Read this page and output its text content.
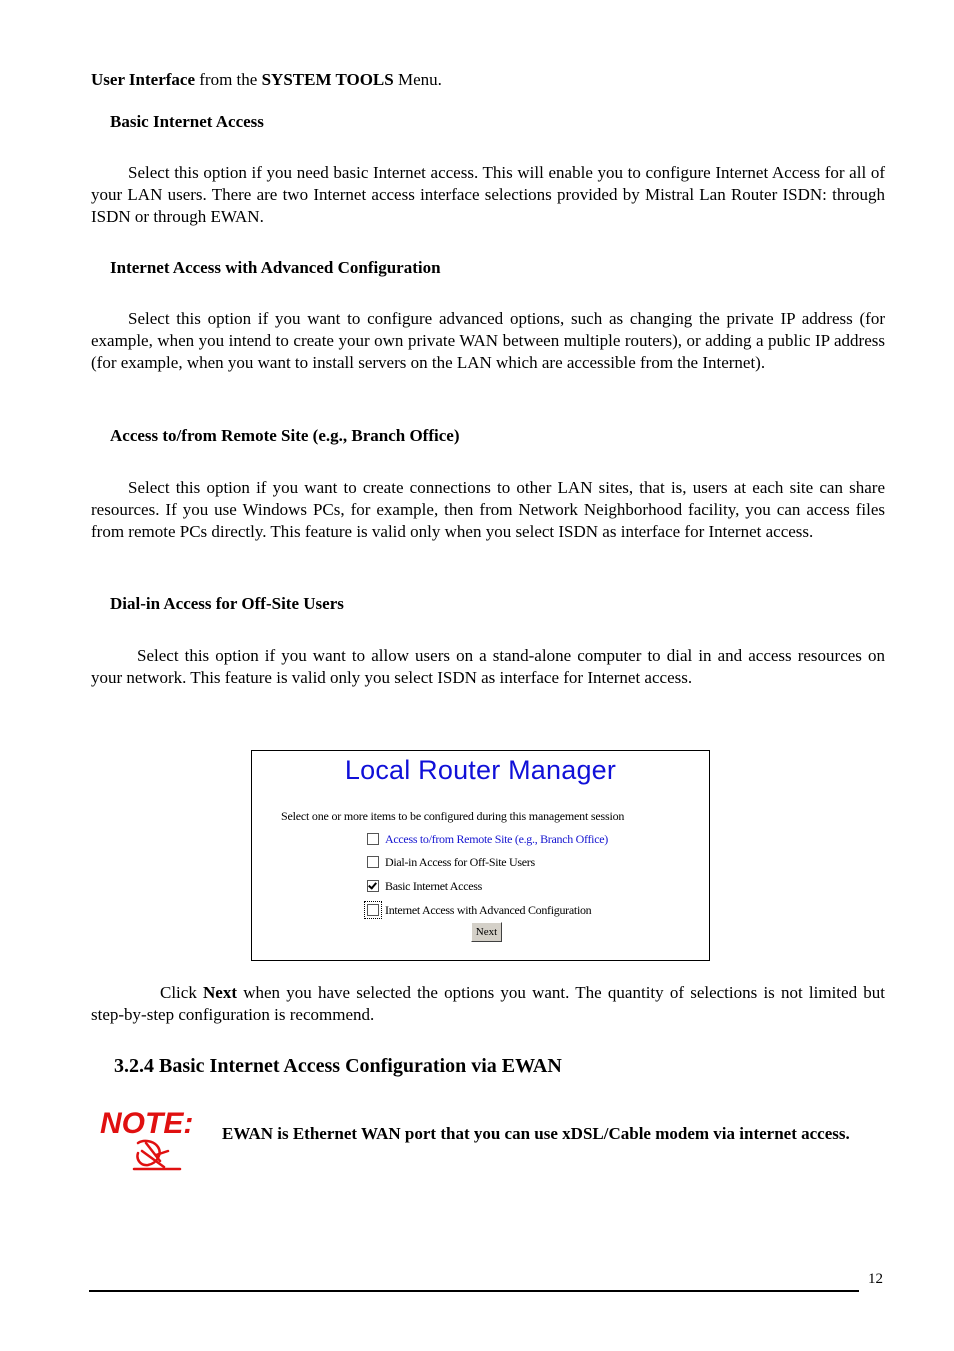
User Interface from the SYSTEM TOOLS Menu.
Basic Internet Access

Select this option if you need basic Internet access. This will enable you to configure Internet Access for all of your LAN users. There are two Internet access interface selections provided by Mistral Lan Router ISDN: through ISDN or through EWAN.

Internet Access with Advanced Configuration

Select this option if you want to configure advanced options, such as changing the private IP address (for example, when you intend to create your own private WAN between multiple routers), or adding a public IP address (for example, when you want to install servers on the LAN which are accessible from the Internet).

Access to/from Remote Site (e.g., Branch Office)

Select this option if you want to create connections to other LAN sites, that is, users at each site can share resources. If you use Windows PCs, for example, then from Network Neighborhood facility, you can access files from remote PCs directly. This feature is valid only when you select ISDN as interface for Internet access.

Dial-in Access for Off-Site Users

Select this option if you want to allow users on a stand-alone computer to dial in and access resources on your network. This feature is valid only you select ISDN as interface for Internet access.

Local Router Manager
Select one or more items to be configured during this management session
Access to/from Remote Site (e.g., Branch Office)
Dial-in Access for Off-Site Users
Basic Internet Access
Internet Access with Advanced Configuration
Next

Click Next when you have selected the options you want. The quantity of selections is not limited but step-by-step configuration is recommend.

3.2.4 Basic Internet Access Configuration via EWAN
NOTE: EWAN is Ethernet WAN port that you can use xDSL/Cable modem via internet access.
12
